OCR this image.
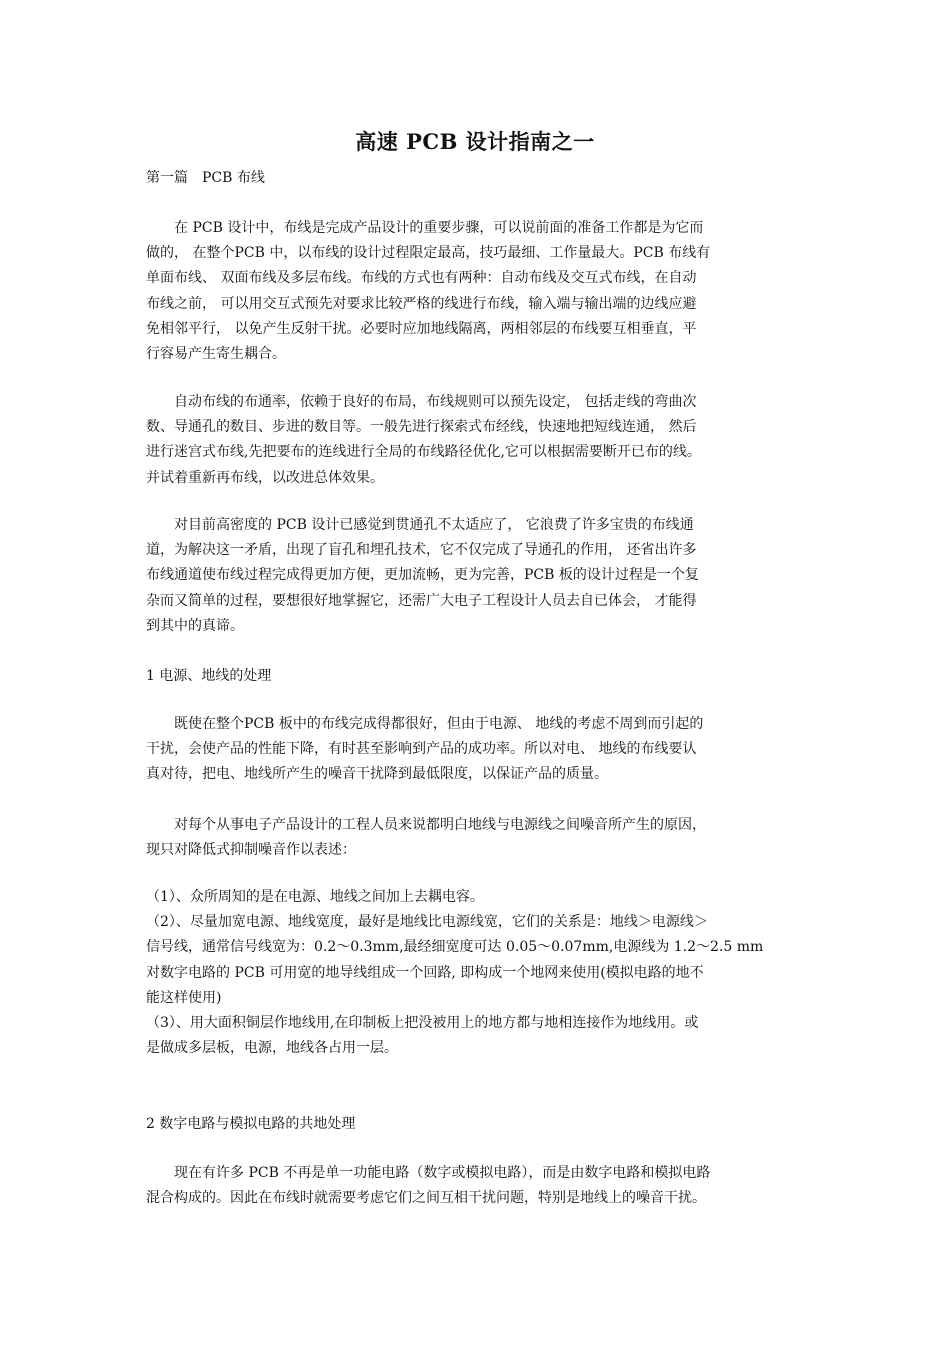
高速 PCB 设计指南之一
第一篇　PCB 布线
　　在 PCB 设计中，布线是完成产品设计的重要步骤，可以说前面的准备工作都是为它而
做的， 在整个PCB 中，以布线的设计过程限定最高，技巧最细、工作量最大。PCB 布线有
单面布线、 双面布线及多层布线。布线的方式也有两种：自动布线及交互式布线，在自动
布线之前， 可以用交互式预先对要求比较严格的线进行布线，输入端与输出端的边线应避
免相邻平行， 以免产生反射干扰。必要时应加地线隔离，两相邻层的布线要互相垂直，平
行容易产生寄生耦合。
　　自动布线的布通率，依赖于良好的布局，布线规则可以预先设定， 包括走线的弯曲次
数、导通孔的数目、步进的数目等。一般先进行探索式布经线，快速地把短线连通， 然后
进行迷宫式布线,先把要布的连线进行全局的布线路径优化,它可以根据需要断开已布的线。
并试着重新再布线，以改进总体效果。
　　对目前高密度的 PCB 设计已感觉到贯通孔不太适应了， 它浪费了许多宝贵的布线通
道，为解决这一矛盾，出现了盲孔和埋孔技术，它不仅完成了导通孔的作用， 还省出许多
布线通道使布线过程完成得更加方便，更加流畅，更为完善，PCB 板的设计过程是一个复
杂而又简单的过程，要想很好地掌握它，还需广大电子工程设计人员去自已体会， 才能得
到其中的真谛。
1 电源、地线的处理
　　既使在整个PCB 板中的布线完成得都很好，但由于电源、 地线的考虑不周到而引起的
干扰，会使产品的性能下降，有时甚至影响到产品的成功率。所以对电、 地线的布线要认
真对待，把电、地线所产生的噪音干扰降到最低限度，以保证产品的质量。
　　对每个从事电子产品设计的工程人员来说都明白地线与电源线之间噪音所产生的原因，
现只对降低式抑制噪音作以表述：
（1）、众所周知的是在电源、地线之间加上去耦电容。
（2）、尽量加宽电源、地线宽度，最好是地线比电源线宽，它们的关系是：地线＞电源线＞
信号线，通常信号线宽为：0.2～0.3mm,最经细宽度可达 0.05～0.07mm,电源线为 1.2～2.5 mm
对数字电路的 PCB 可用宽的地导线组成一个回路, 即构成一个地网来使用(模拟电路的地不
能这样使用)
（3）、用大面积铜层作地线用,在印制板上把没被用上的地方都与地相连接作为地线用。或
是做成多层板，电源，地线各占用一层。
2 数字电路与模拟电路的共地处理
　　现在有许多 PCB 不再是单一功能电路（数字或模拟电路），而是由数字电路和模拟电路
混合构成的。因此在布线时就需要考虑它们之间互相干扰问题，特别是地线上的噪音干扰。
